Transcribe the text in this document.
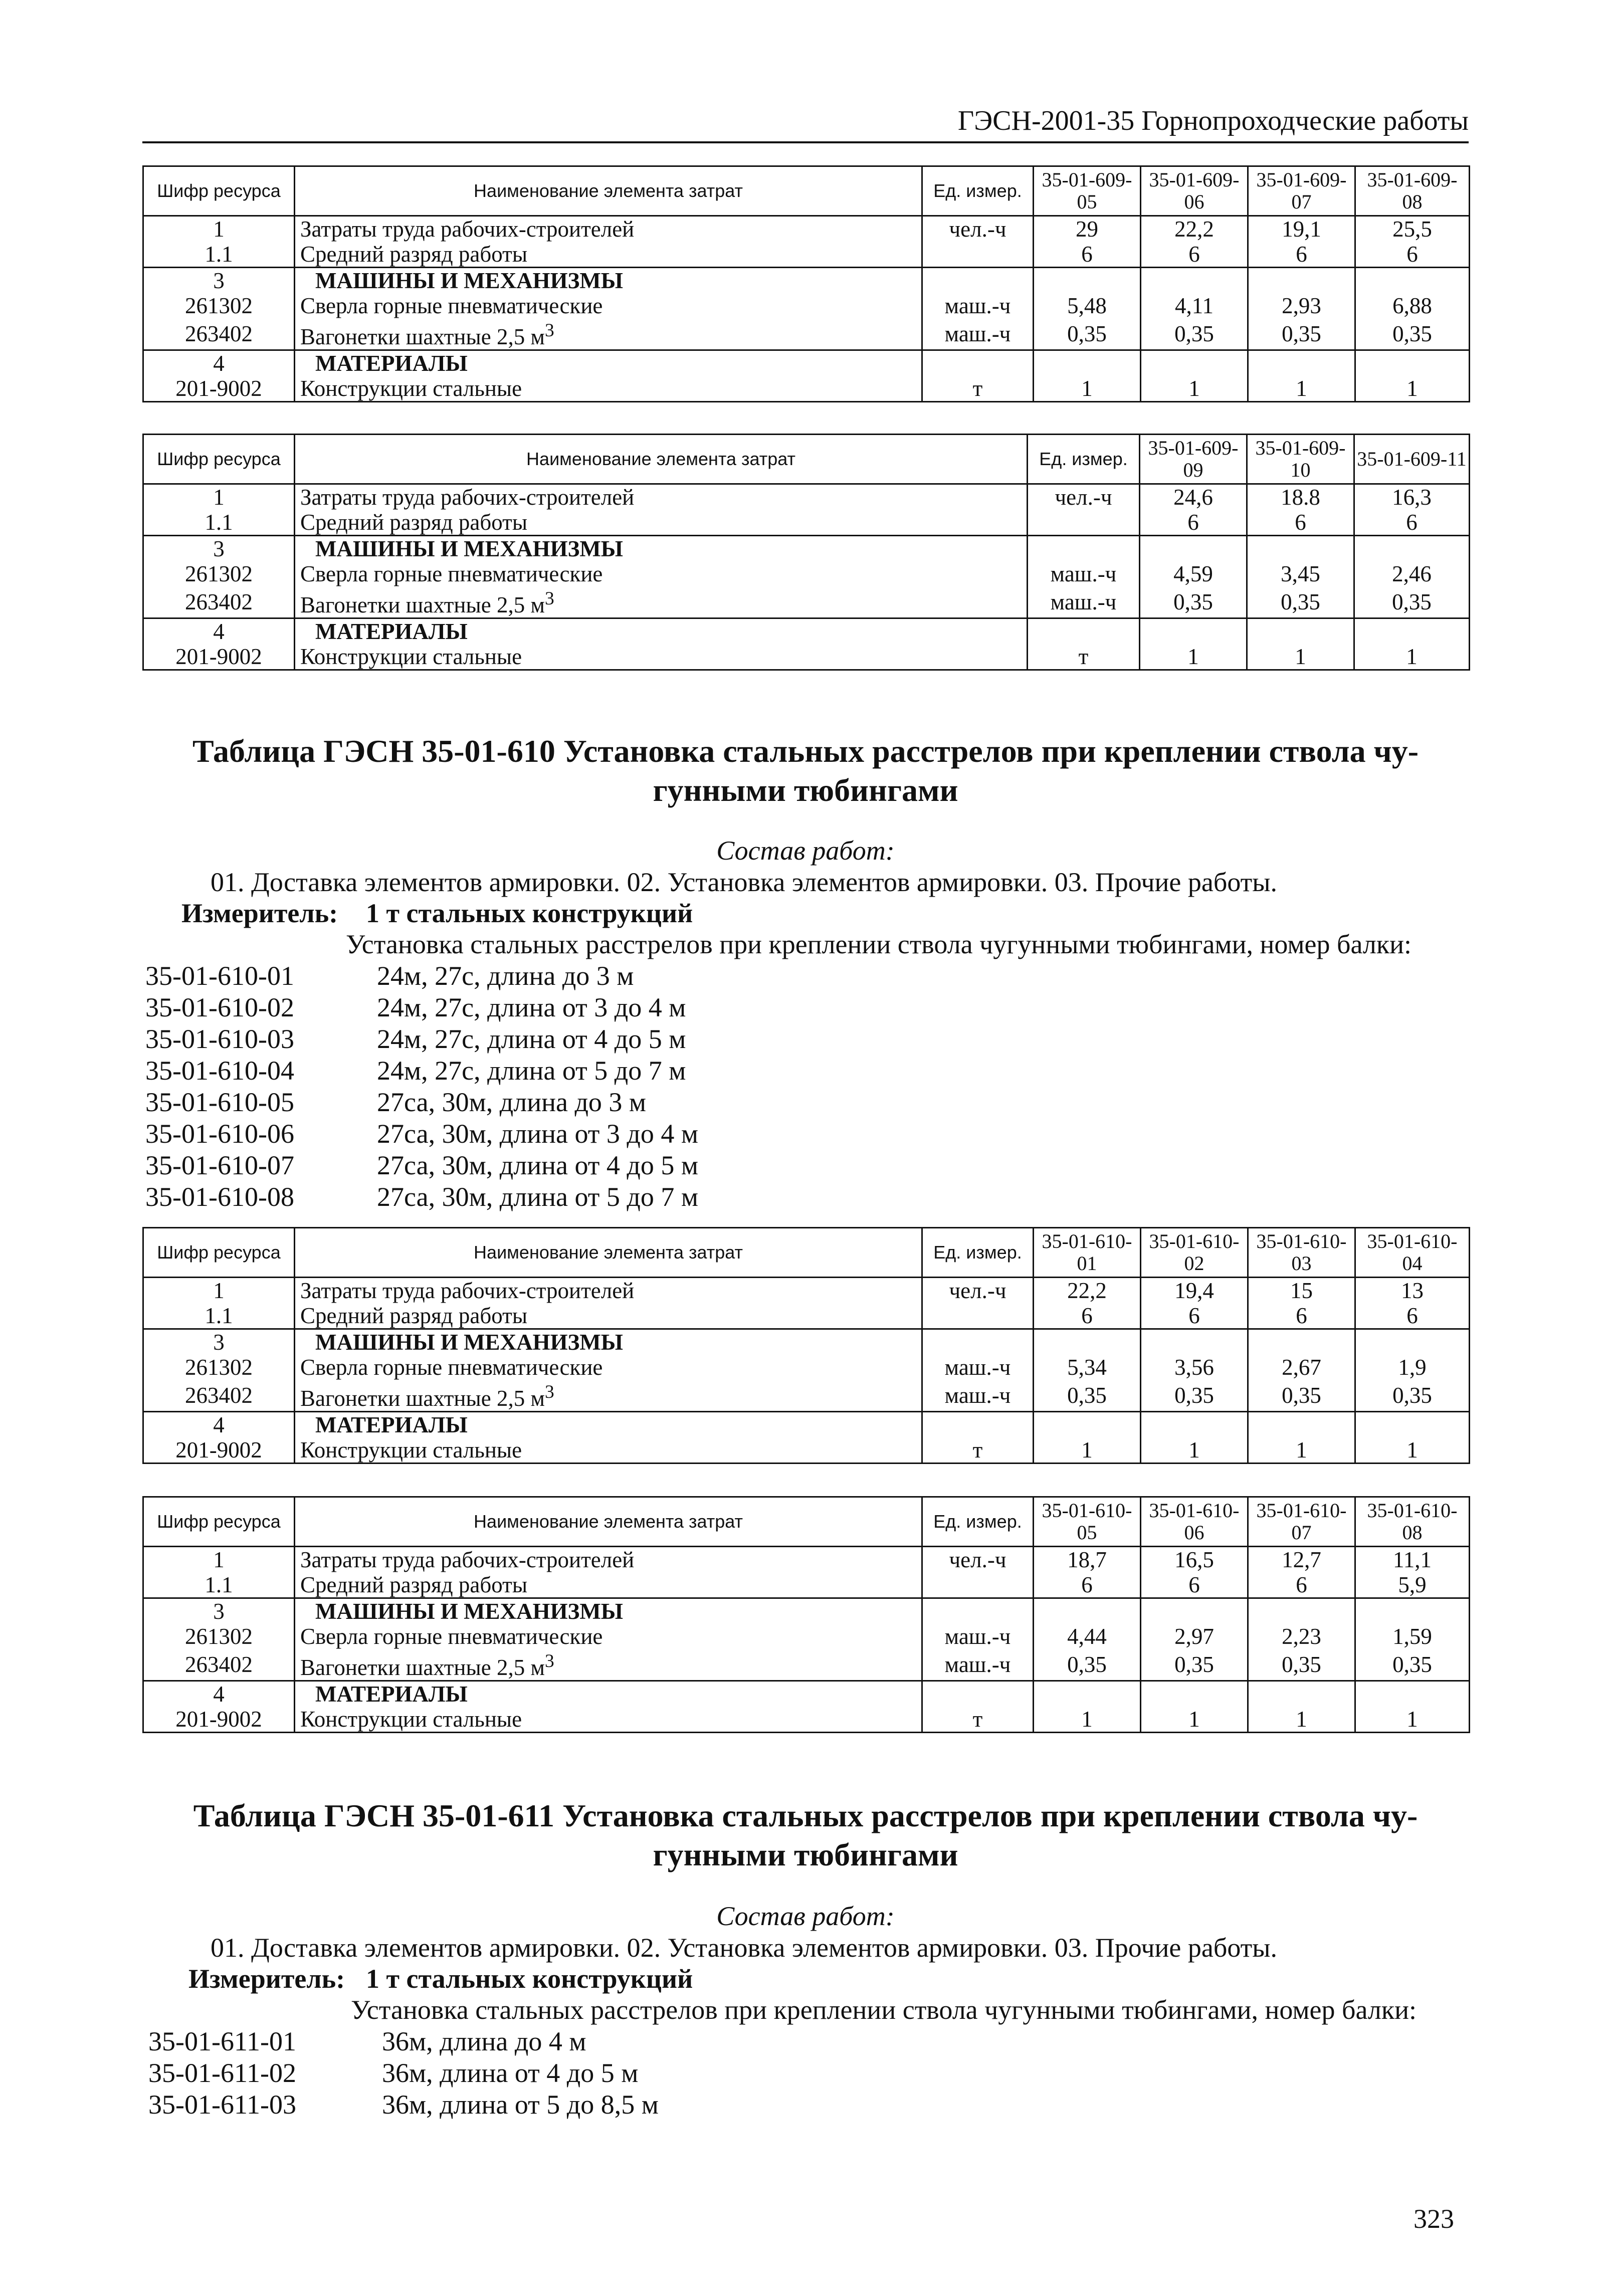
ГЭСН-2001-35 Горнопроходческие работы
Шифр ресурса	Наименование элемента затрат	Ед. измер.	35-01-609-05	35-01-609-06	35-01-609-07	35-01-609-08
1	Затраты труда рабочих-строителей	чел.-ч	29	22,2	19,1	25,5
1.1	Средний разряд работы		6	6	6	6
3	МАШИНЫ И МЕХАНИЗМЫ					
261302	Сверла горные пневматические	маш.-ч	5,48	4,11	2,93	6,88
263402	Вагонетки шахтные 2,5 $м^3$	маш.-ч	0,35	0,35	0,35	0,35
4	МАТЕРИАЛЫ					
201-9002	Конструкции стальные	т	1	1	1	1
Шифр ресурса	Наименование элемента затрат	Ед. измер.	35-01-609-09	35-01-609-10	35-01-609-11
1	Затраты труда рабочих-строителей	чел.-ч	24,6	18.8	16,3
1.1	Средний разряд работы		6	6	6
3	МАШИНЫ И МЕХАНИЗМЫ				
261302	Сверла горные пневматические	маш.-ч	4,59	3,45	2,46
263402	Вагонетки шахтные 2,5 $м^3$	маш.-ч	0,35	0,35	0,35
4	МАТЕРИАЛЫ				
201-9002	Конструкции стальные	т	1	1	1
Таблица ГЭСН 35-01-610 Установка стальных расстрелов при креплении ствола чу-
гунными тюбингами
Состав работ:
01. Доставка элементов армировки. 02. Установка элементов армировки. 03. Прочие работы.
Измеритель: 1 т стальных конструкций
Установка стальных расстрелов при креплении ствола чугунными тюбингами, номер балки:
35-01-610-01	24м, 27с, длина до 3 м
35-01-610-02	24м, 27с, длина от 3 до 4 м
35-01-610-03	24м, 27с, длина от 4 до 5 м
35-01-610-04	24м, 27с, длина от 5 до 7 м
35-01-610-05	27са, 30м, длина до 3 м
35-01-610-06	27са, 30м, длина от 3 до 4 м
35-01-610-07	27са, 30м, длина от 4 до 5 м
35-01-610-08	27са, 30м, длина от 5 до 7 м
Шифр ресурса	Наименование элемента затрат	Ед. измер.	35-01-610-01	35-01-610-02	35-01-610-03	35-01-610-04
1	Затраты труда рабочих-строителей	чел.-ч	22,2	19,4	15	13
1.1	Средний разряд работы		6	6	6	6
3	МАШИНЫ И МЕХАНИЗМЫ					
261302	Сверла горные пневматические	маш.-ч	5,34	3,56	2,67	1,9
263402	Вагонетки шахтные 2,5 $м^3$	маш.-ч	0,35	0,35	0,35	0,35
4	МАТЕРИАЛЫ					
201-9002	Конструкции стальные	т	1	1	1	1
Шифр ресурса	Наименование элемента затрат	Ед. измер.	35-01-610-05	35-01-610-06	35-01-610-07	35-01-610-08
1	Затраты труда рабочих-строителей	чел.-ч	18,7	16,5	12,7	11,1
1.1	Средний разряд работы		6	6	6	5,9
3	МАШИНЫ И МЕХАНИЗМЫ					
261302	Сверла горные пневматические	маш.-ч	4,44	2,97	2,23	1,59
263402	Вагонетки шахтные 2,5 $м^3$	маш.-ч	0,35	0,35	0,35	0,35
4	МАТЕРИАЛЫ					
201-9002	Конструкции стальные	т	1	1	1	1
Таблица ГЭСН 35-01-611 Установка стальных расстрелов при креплении ствола чу-
гунными тюбингами
Состав работ:
01. Доставка элементов армировки. 02. Установка элементов армировки. 03. Прочие работы.
Измеритель: 1 т стальных конструкций
Установка стальных расстрелов при креплении ствола чугунными тюбингами, номер балки:
35-01-611-01	36м, длина до 4 м
35-01-611-02	36м, длина от 4 до 5 м
35-01-611-03	36м, длина от 5 до 8,5 м
323
